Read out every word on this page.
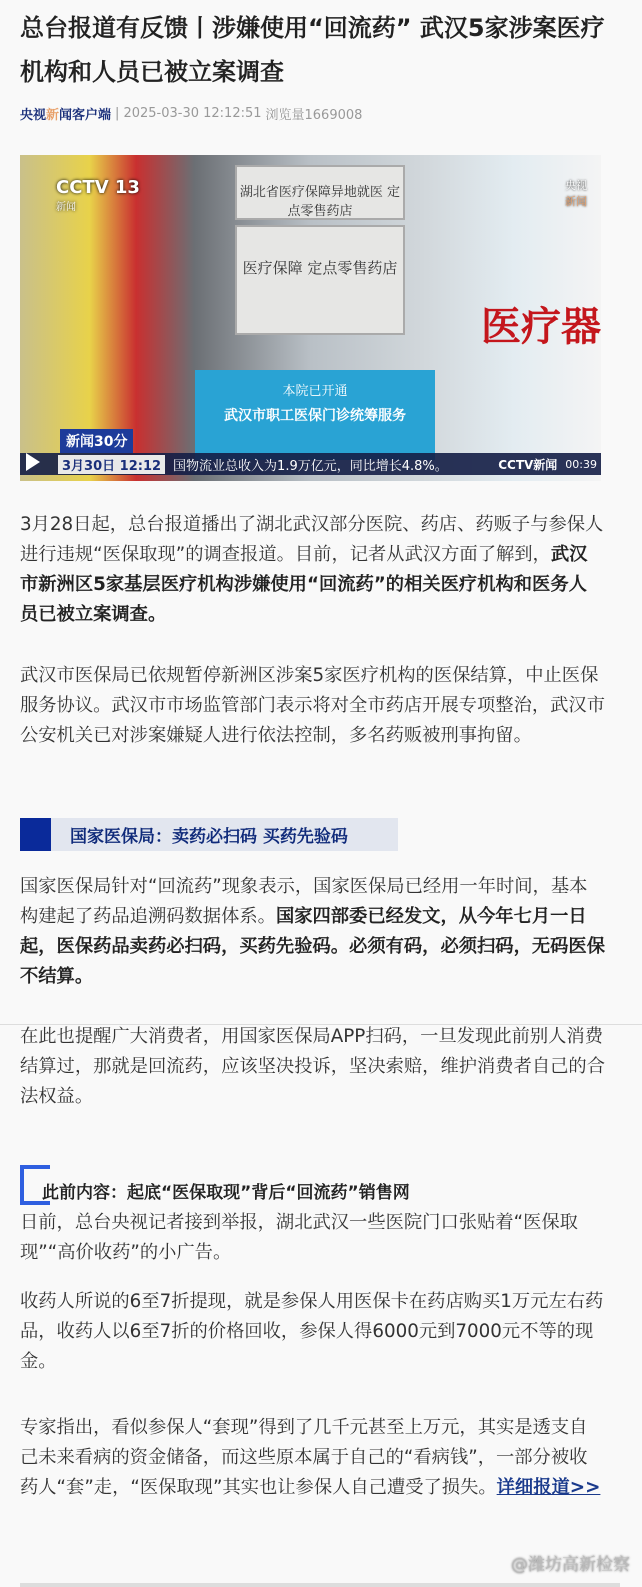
总台报道有反馈丨涉嫌使用“回流药” 武汉5家涉案医疗机构和人员已被立案调查
央视新闻客户端 | 2025-03-30 12:12:51 浏览量1669008
CCTV 13
新闻
央视
新闻
湖北省医疗保障异地就医 定点零售药店
医疗保障 定点零售药店
本院已开通
武汉市职工医保门诊统筹服务
医疗器
新闻30分
3月30日 12:12 国物流业总收入为1.9万亿元，同比增长4.8%。	CCTV新闻 00:39

3月28日起，总台报道播出了湖北武汉部分医院、药店、药贩子与参保人进行违规“医保取现”的调查报道。目前，记者从武汉方面了解到，武汉市新洲区5家基层医疗机构涉嫌使用“回流药”的相关医疗机构和医务人员已被立案调查。

武汉市医保局已依规暂停新洲区涉案5家医疗机构的医保结算，中止医保服务协议。武汉市市场监管部门表示将对全市药店开展专项整治，武汉市公安机关已对涉案嫌疑人进行依法控制，多名药贩被刑事拘留。

国家医保局：卖药必扫码 买药先验码

国家医保局针对“回流药”现象表示，国家医保局已经用一年时间，基本构建起了药品追溯码数据体系。国家四部委已经发文，从今年七月一日起，医保药品卖药必扫码，买药先验码。必须有码，必须扫码，无码医保不结算。

在此也提醒广大消费者，用国家医保局APP扫码，一旦发现此前别人消费结算过，那就是回流药，应该坚决投诉，坚决索赔，维护消费者自己的合法权益。

此前内容：起底“医保取现”背后“回流药”销售网

日前，总台央视记者接到举报，湖北武汉一些医院门口张贴着“医保取现”“高价收药”的小广告。

收药人所说的6至7折提现，就是参保人用医保卡在药店购买1万元左右药品，收药人以6至7折的价格回收，参保人得6000元到7000元不等的现金。

专家指出，看似参保人“套现”得到了几千元甚至上万元，其实是透支自己未来看病的资金储备，而这些原本属于自己的“看病钱”，一部分被收药人“套”走，“医保取现”其实也让参保人自己遭受了损失。详细报道>>

@潍坊高新检察
